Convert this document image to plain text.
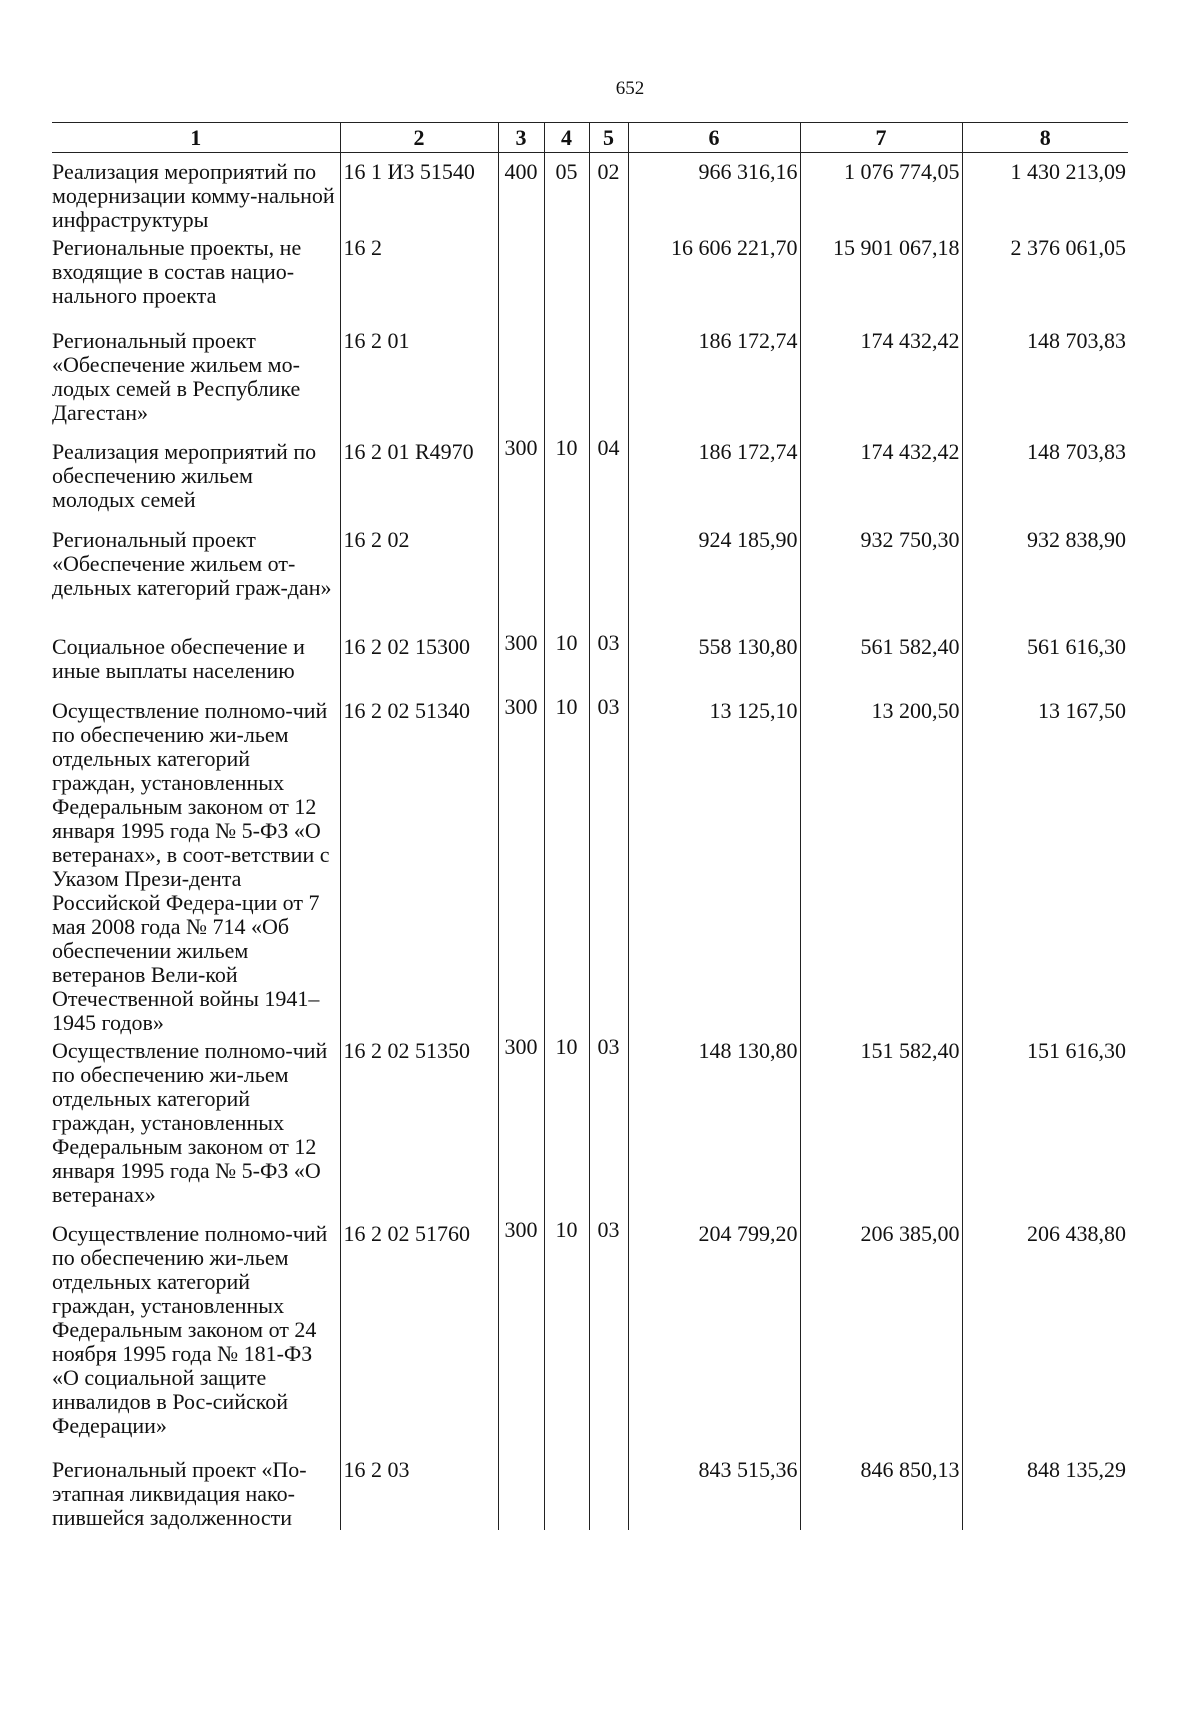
652
1	2	3	4	5	6	7	8
Реализация мероприятий по модернизации комму-нальной инфраструктуры	16 1 И3 51540	400	05	02	966 316,16	1 076 774,05	1 430 213,09
Региональные проекты, не входящие в состав нацио-нального проекта	16 2				16 606 221,70	15 901 067,18	2 376 061,05
Региональный проект «Обеспечение жильем мо-лодых семей в Республике Дагестан»	16 2 01				186 172,74	174 432,42	148 703,83
Реализация мероприятий по обеспечению жильем молодых семей	16 2 01 R4970	300	10	04	186 172,74	174 432,42	148 703,83
Региональный проект «Обеспечение жильем от-дельных категорий граж-дан»	16 2 02				924 185,90	932 750,30	932 838,90
Социальное обеспечение и иные выплаты населению	16 2 02 15300	300	10	03	558 130,80	561 582,40	561 616,30
Осуществление полномо-чий по обеспечению жи-льем отдельных категорий граждан, установленных Федеральным законом от 12 января 1995 года № 5-ФЗ «О ветеранах», в соот-ветствии с Указом Прези-дента Российской Федера-ции от 7 мая 2008 года № 714 «Об обеспечении жильем ветеранов Вели-кой Отечественной войны 1941–1945 годов»	16 2 02 51340	300	10	03	13 125,10	13 200,50	13 167,50
Осуществление полномо-чий по обеспечению жи-льем отдельных категорий граждан, установленных Федеральным законом от 12 января 1995 года № 5-ФЗ «О ветеранах»	16 2 02 51350	300	10	03	148 130,80	151 582,40	151 616,30
Осуществление полномо-чий по обеспечению жи-льем отдельных категорий граждан, установленных Федеральным законом от 24 ноября 1995 года № 181-ФЗ «О социальной защите инвалидов в Рос-сийской Федерации»	16 2 02 51760	300	10	03	204 799,20	206 385,00	206 438,80
Региональный проект «По-этапная ликвидация нако-пившейся задолженности	16 2 03				843 515,36	846 850,13	848 135,29
